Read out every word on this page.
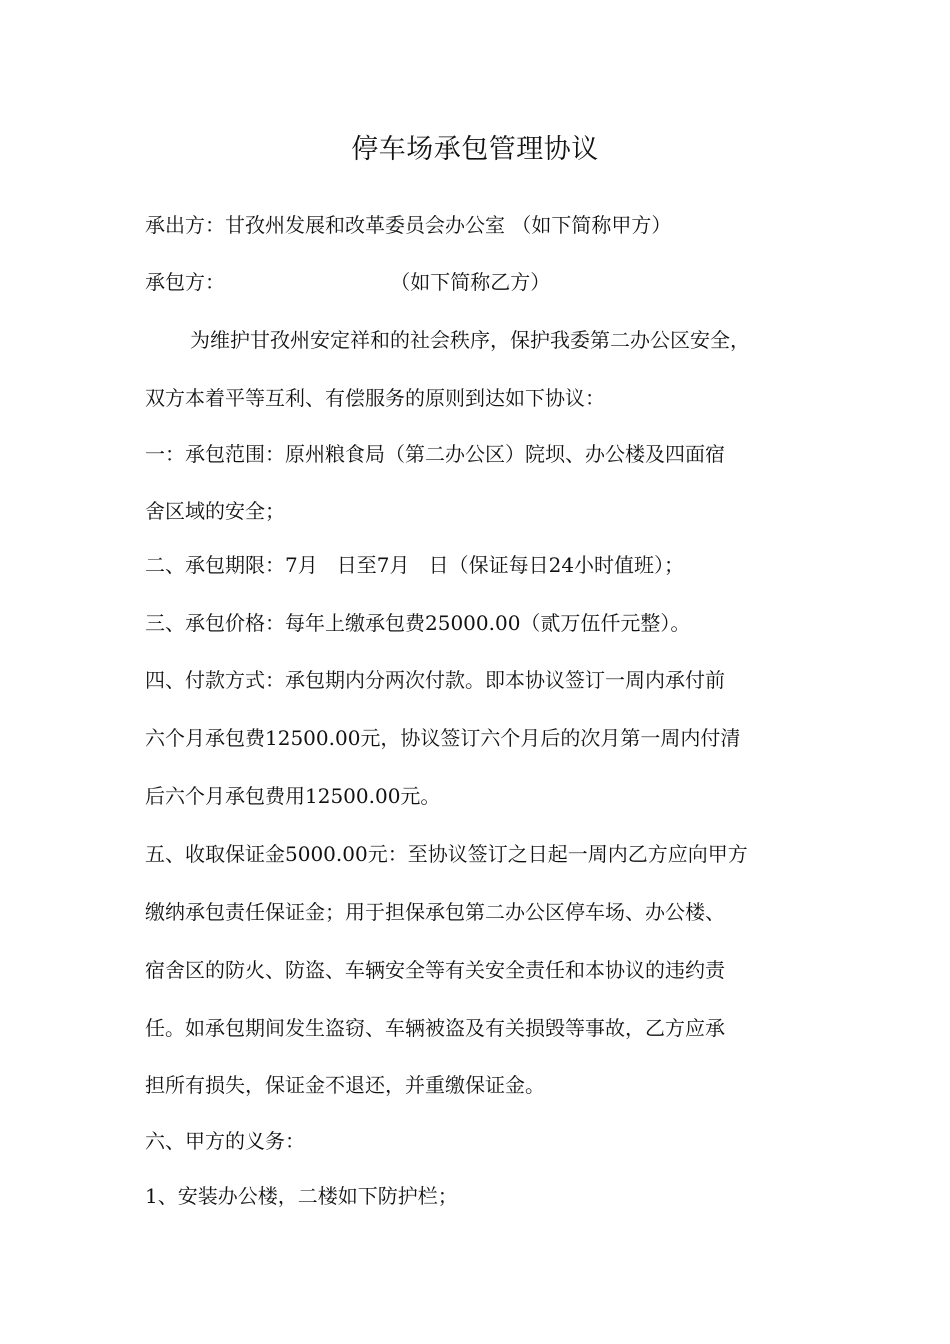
停车场承包管理协议
承出方：甘孜州发展和改革委员会办公室 （如下简称甲方）
承包方：                          （如下简称乙方）
为维护甘孜州安定祥和的社会秩序，保护我委第二办公区安全，
双方本着平等互利、有偿服务的原则到达如下协议：
一：承包范围：原州粮食局（第二办公区）院坝、办公楼及四面宿
舍区域的安全；
二、承包期限：7月   日至7月   日（保证每日24小时值班）；
三、承包价格：每年上缴承包费25000.00（贰万伍仟元整）。
四、付款方式：承包期内分两次付款。即本协议签订一周内承付前
六个月承包费12500.00元，协议签订六个月后的次月第一周内付清
后六个月承包费用12500.00元。
五、收取保证金5000.00元：至协议签订之日起一周内乙方应向甲方
缴纳承包责任保证金；用于担保承包第二办公区停车场、办公楼、
宿舍区的防火、防盗、车辆安全等有关安全责任和本协议的违约责
任。如承包期间发生盗窃、车辆被盗及有关损毁等事故，乙方应承
担所有损失，保证金不退还，并重缴保证金。
六、甲方的义务：
1、安装办公楼，二楼如下防护栏；
